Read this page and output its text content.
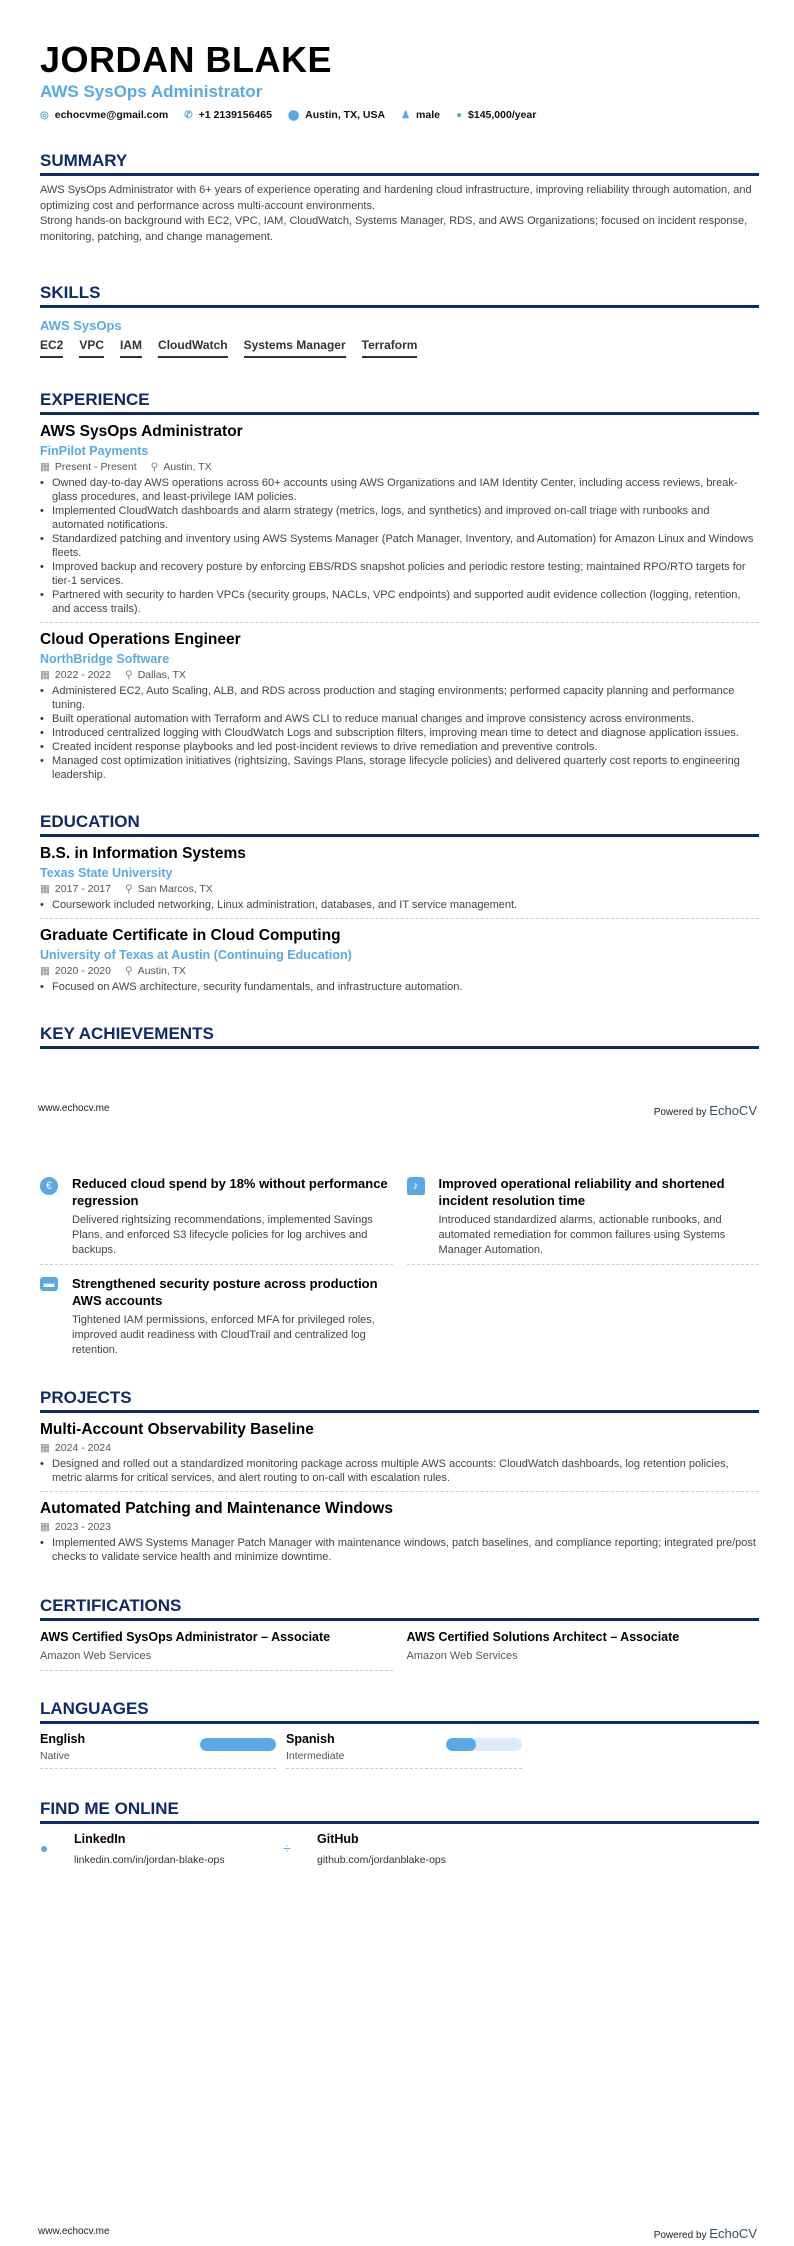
JORDAN BLAKE
AWS SysOps Administrator
◎ echocvme@gmail.com ✆ +1 2139156465 ⬤ Austin, TX, USA ♟ male ● $145,000/year
SUMMARY

AWS SysOps Administrator with 6+ years of experience operating and hardening cloud infrastructure, improving reliability through automation, and optimizing cost and performance across multi-account environments.

Strong hands-on background with EC2, VPC, IAM, CloudWatch, Systems Manager, RDS, and AWS Organizations; focused on incident response, monitoring, patching, and change management.

SKILLS
AWS SysOps
EC2 VPC IAM CloudWatch Systems Manager Terraform
EXPERIENCE
AWS SysOps Administrator
FinPilot Payments
▦ Present - Present ⚲ Austin, TX
• Owned day-to-day AWS operations across 60+ accounts using AWS Organizations and IAM Identity Center, including access reviews, break-glass procedures, and least-privilege IAM policies.
• Implemented CloudWatch dashboards and alarm strategy (metrics, logs, and synthetics) and improved on-call triage with runbooks and automated notifications.
• Standardized patching and inventory using AWS Systems Manager (Patch Manager, Inventory, and Automation) for Amazon Linux and Windows fleets.
• Improved backup and recovery posture by enforcing EBS/RDS snapshot policies and periodic restore testing; maintained RPO/RTO targets for tier-1 services.
• Partnered with security to harden VPCs (security groups, NACLs, VPC endpoints) and supported audit evidence collection (logging, retention, and access trails).
Cloud Operations Engineer
NorthBridge Software
▦ 2022 - 2022 ⚲ Dallas, TX
• Administered EC2, Auto Scaling, ALB, and RDS across production and staging environments; performed capacity planning and performance tuning.
• Built operational automation with Terraform and AWS CLI to reduce manual changes and improve consistency across environments.
• Introduced centralized logging with CloudWatch Logs and subscription filters, improving mean time to detect and diagnose application issues.
• Created incident response playbooks and led post-incident reviews to drive remediation and preventive controls.
• Managed cost optimization initiatives (rightsizing, Savings Plans, storage lifecycle policies) and delivered quarterly cost reports to engineering leadership.
EDUCATION
B.S. in Information Systems
Texas State University
▦ 2017 - 2017 ⚲ San Marcos, TX
• Coursework included networking, Linux administration, databases, and IT service management.
Graduate Certificate in Cloud Computing
University of Texas at Austin (Continuing Education)
▦ 2020 - 2020 ⚲ Austin, TX
• Focused on AWS architecture, security fundamentals, and infrastructure automation.
KEY ACHIEVEMENTS
www.echocv.me	Powered by EchoCV
€	Reduced cloud spend by 18% without performance regression

Delivered rightsizing recommendations, implemented Savings Plans, and enforced S3 lifecycle policies for log archives and backups.

♪	Improved operational reliability and shortened incident resolution time

Introduced standardized alarms, actionable runbooks, and automated remediation for common failures using Systems Manager Automation.

▬ Strengthened security posture across production AWS accounts

Tightened IAM permissions, enforced MFA for privileged roles, improved audit readiness with CloudTrail and centralized log retention.

PROJECTS
Multi-Account Observability Baseline
▦ 2024 - 2024
• Designed and rolled out a standardized monitoring package across multiple AWS accounts: CloudWatch dashboards, log retention policies, metric alarms for critical services, and alert routing to on-call with escalation rules.
Automated Patching and Maintenance Windows
▦ 2023 - 2023
• Implemented AWS Systems Manager Patch Manager with maintenance windows, patch baselines, and compliance reporting; integrated pre/post checks to validate service health and minimize downtime.
CERTIFICATIONS
AWS Certified SysOps Administrator – Associate

Amazon Web Services

AWS Certified Solutions Architect – Associate

Amazon Web Services

LANGUAGES
English
Native
Spanish
Intermediate
FIND ME ONLINE
●
LinkedIn
linkedin.com/in/jordan-blake-ops
÷
GitHub
github.com/jordanblake-ops
www.echocv.me	Powered by EchoCV
